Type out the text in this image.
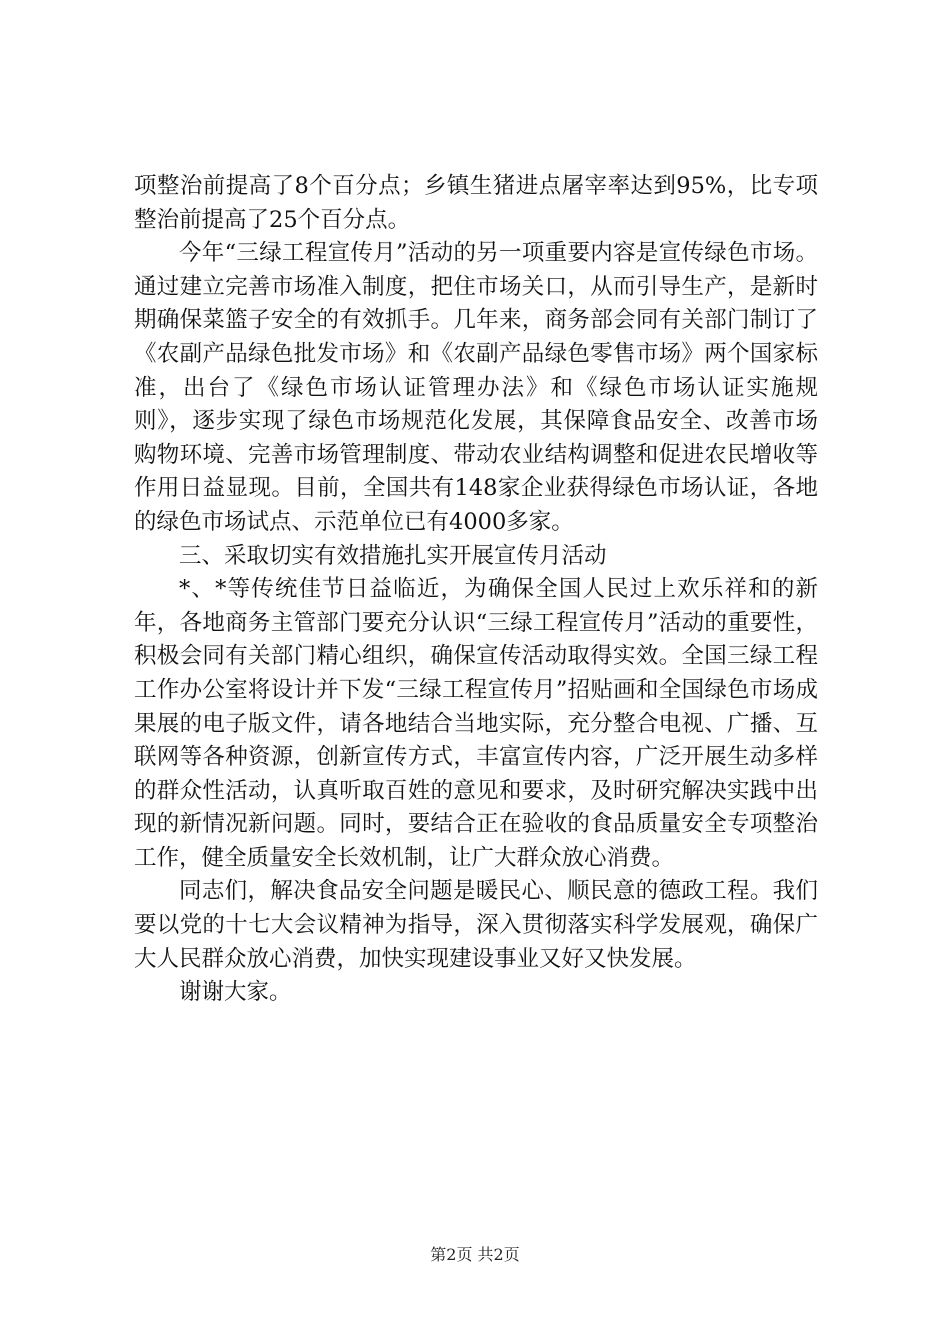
项整治前提高了8个百分点；乡镇生猪进点屠宰率达到95%，比专项整治前提高了25个百分点。

今年“三绿工程宣传月”活动的另一项重要内容是宣传绿色市场。通过建立完善市场准入制度，把住市场关口，从而引导生产，是新时期确保菜篮子安全的有效抓手。几年来，商务部会同有关部门制订了《农副产品绿色批发市场》和《农副产品绿色零售市场》两个国家标准，出台了《绿色市场认证管理办法》和《绿色市场认证实施规则》，逐步实现了绿色市场规范化发展，其保障食品安全、改善市场购物环境、完善市场管理制度、带动农业结构调整和促进农民增收等作用日益显现。目前，全国共有148家企业获得绿色市场认证，各地的绿色市场试点、示范单位已有4000多家。

三、采取切实有效措施扎实开展宣传月活动

*、*等传统佳节日益临近，为确保全国人民过上欢乐祥和的新年，各地商务主管部门要充分认识“三绿工程宣传月”活动的重要性，积极会同有关部门精心组织，确保宣传活动取得实效。全国三绿工程工作办公室将设计并下发“三绿工程宣传月”招贴画和全国绿色市场成果展的电子版文件，请各地结合当地实际，充分整合电视、广播、互联网等各种资源，创新宣传方式，丰富宣传内容，广泛开展生动多样的群众性活动，认真听取百姓的意见和要求，及时研究解决实践中出现的新情况新问题。同时，要结合正在验收的食品质量安全专项整治工作，健全质量安全长效机制，让广大群众放心消费。

同志们，解决食品安全问题是暖民心、顺民意的德政工程。我们要以党的十七大会议精神为指导，深入贯彻落实科学发展观，确保广大人民群众放心消费，加快实现建设事业又好又快发展。

谢谢大家。

第2页 共2页
